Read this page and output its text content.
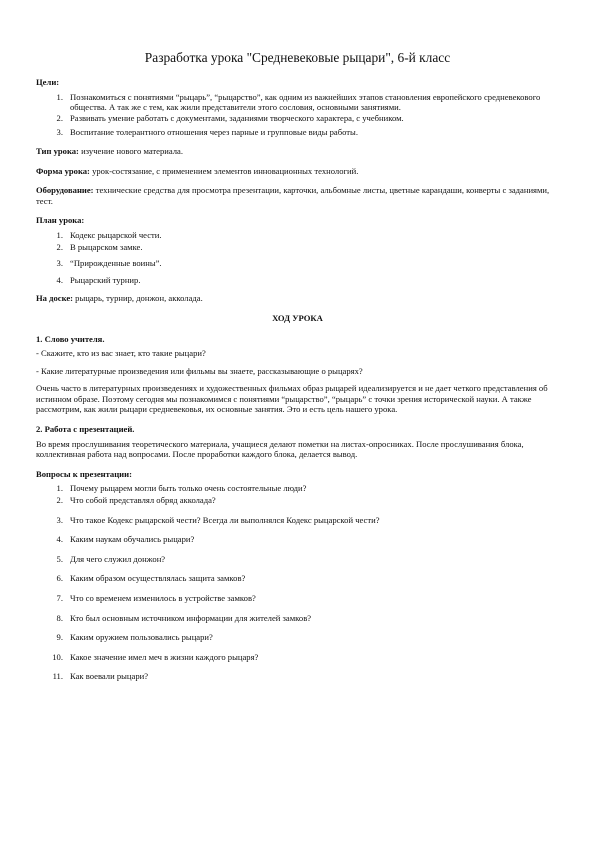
Разработка урока "Средневековые рыцари", 6-й класс
Цели:
1. Познакомиться с понятиями “рыцарь”, “рыцарство”, как одним из важнейших этапов становления европейского средневекового общества. А так же с тем, как жили представители этого сословия, основными занятиями.
2. Развивать умение работать с документами, заданиями творческого характера, с учебником.
3. Воспитание толерантного отношения через парные и групповые виды работы.
Тип урока: изучение нового материала.
Форма урока: урок-состязание, с применением элементов инновационных технологий.
Оборудование: технические средства для просмотра презентации, карточки, альбомные листы, цветные карандаши, конверты с заданиями, тест.
План урока:
1. Кодекс рыцарской чести.
2. В рыцарском замке.
3. “Прирожденные воины”.
4. Рыцарский турнир.
На доске: рыцарь, турнир, донжон, акколада.
ХОД УРОКА
1. Слово учителя.
- Скажите, кто из вас знает, кто такие рыцари?
- Какие литературные произведения или фильмы вы знаете, рассказывающие о рыцарях?
Очень часто в литературных произведениях и художественных фильмах образ рыцарей идеализируется и не дает четкого представления об истинном образе. Поэтому сегодня мы познакомимся с понятиями “рыцарство”, “рыцарь” с точки зрения исторической науки. А также рассмотрим, как жили рыцари средневековья, их основные занятия. Это и есть цель нашего урока.
2. Работа с презентацией.
Во время прослушивания теоретического материала, учащиеся делают пометки на листах-опросниках. После прослушивания блока, коллективная работа над вопросами. После проработки каждого блока, делается вывод.
Вопросы к презентации:
1. Почему рыцарем могли быть только очень состоятельные люди?
2. Что собой представлял обряд акколада?
3. Что такое Кодекс рыцарской чести? Всегда ли выполнялся Кодекс рыцарской чести?
4. Каким наукам обучались рыцари?
5. Для чего служил донжон?
6. Каким образом осуществлялась защита замков?
7. Что со временем изменилось в устройстве замков?
8. Кто был основным источником информации для жителей замков?
9. Каким оружием пользовались рыцари?
10. Какое значение имел меч в жизни каждого рыцаря?
11. Как воевали рыцари?
